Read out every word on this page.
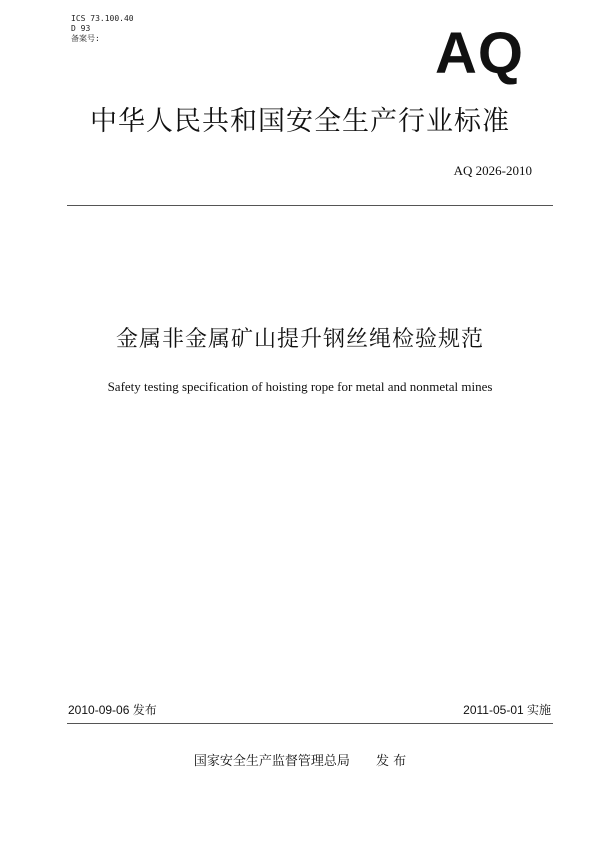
ICS 73.100.40
D 93
备案号:	AQ
中华人民共和国安全生产行业标准
AQ 2026-2010
金属非金属矿山提升钢丝绳检验规范
Safety testing specification of hoisting rope for metal and nonmetal mines
2010-09-06 发布	2011-05-01 实施
国家安全生产监督管理总局 发 布
